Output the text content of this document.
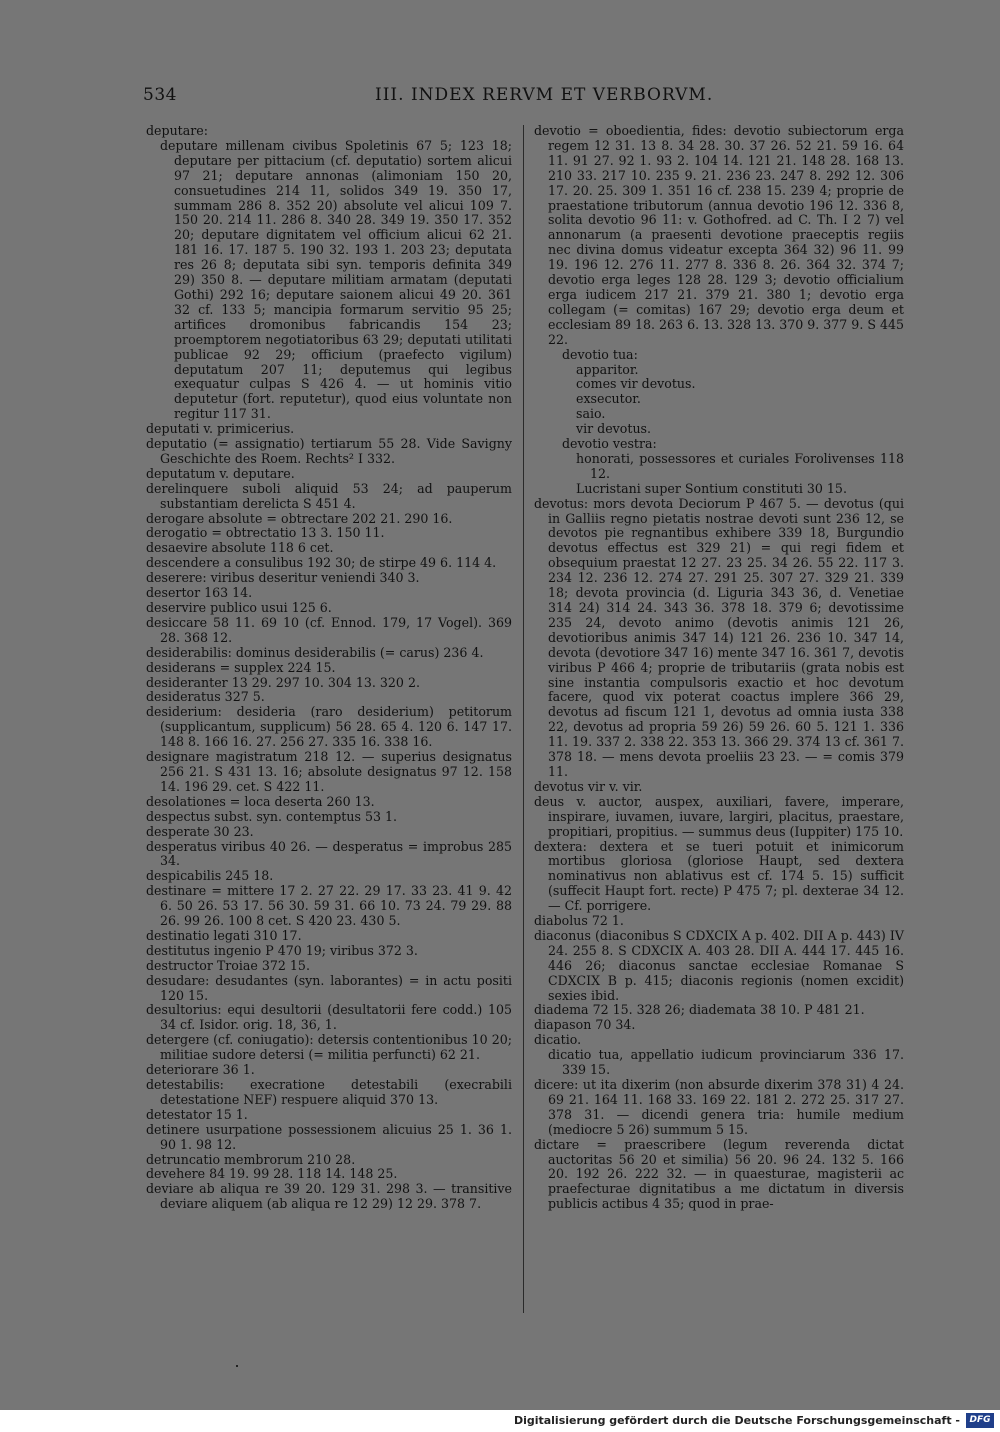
534	III. INDEX RERVM ET VERBORVM.

deputare:

deputare millenam civibus Spoletinis 67 5; 123 18; deputare per pittacium (cf. deputatio) sortem alicui 97 21; deputare annonas (alimoniam 150 20, consuetudines 214 11, solidos 349 19. 350 17, summam 286 8. 352 20) absolute vel alicui 109 7. 150 20. 214 11. 286 8. 340 28. 349 19. 350 17. 352 20; deputare dignitatem vel officium alicui 62 21. 181 16. 17. 187 5. 190 32. 193 1. 203 23; deputata res 26 8; deputata sibi syn. temporis definita 349 29) 350 8. — deputare militiam armatam (deputati Gothi) 292 16; deputare saionem alicui 49 20. 361 32 cf. 133 5; mancipia formarum servitio 95 25; artifices dromonibus fabricandis 154 23; proemptorem negotiatoribus 63 29; deputati utilitati publicae 92 29; officium (praefecto vigilum) deputatum 207 11; deputemus qui legibus exequatur culpas S 426 4. — ut hominis vitio deputetur (fort. reputetur), quod eius voluntate non regitur 117 31.

deputati v. primicerius.

deputatio (= assignatio) tertiarum 55 28. Vide Savigny Geschichte des Roem. Rechts² I 332.

deputatum v. deputare.

derelinquere suboli aliquid 53 24; ad pauperum substantiam derelicta S 451 4.

derogare absolute = obtrectare 202 21. 290 16.

derogatio = obtrectatio 13 3. 150 11.

desaevire absolute 118 6 cet.

descendere a consulibus 192 30; de stirpe 49 6. 114 4.

deserere: viribus deseritur veniendi 340 3.

desertor 163 14.

deservire publico usui 125 6.

desiccare 58 11. 69 10 (cf. Ennod. 179, 17 Vogel). 369 28. 368 12.

desiderabilis: dominus desiderabilis (= carus) 236 4.

desiderans = supplex 224 15.

desideranter 13 29. 297 10. 304 13. 320 2.

desideratus 327 5.

desiderium: desideria (raro desiderium) petitorum (supplicantum, supplicum) 56 28. 65 4. 120 6. 147 17. 148 8. 166 16. 27. 256 27. 335 16. 338 16.

designare magistratum 218 12. — superius designatus 256 21. S 431 13. 16; absolute designatus 97 12. 158 14. 196 29. cet. S 422 11.

desolationes = loca deserta 260 13.

despectus subst. syn. contemptus 53 1.

desperate 30 23.

desperatus viribus 40 26. — desperatus = improbus 285 34.

despicabilis 245 18.

destinare = mittere 17 2. 27 22. 29 17. 33 23. 41 9. 42 6. 50 26. 53 17. 56 30. 59 31. 66 10. 73 24. 79 29. 88 26. 99 26. 100 8 cet. S 420 23. 430 5.

destinatio legati 310 17.

destitutus ingenio P 470 19; viribus 372 3.

destructor Troiae 372 15.

desudare: desudantes (syn. laborantes) = in actu positi 120 15.

desultorius: equi desultorii (desultatorii fere codd.) 105 34 cf. Isidor. orig. 18, 36, 1.

detergere (cf. coniugatio): detersis contentionibus 10 20; militiae sudore detersi (= militia perfuncti) 62 21.

deteriorare 36 1.

detestabilis: execratione detestabili (execrabili detestatione NEF) respuere aliquid 370 13.

detestator 15 1.

detinere usurpatione possessionem alicuius 25 1. 36 1. 90 1. 98 12.

detruncatio membrorum 210 28.

devehere 84 19. 99 28. 118 14. 148 25.

deviare ab aliqua re 39 20. 129 31. 298 3. — transitive deviare aliquem (ab aliqua re 12 29) 12 29. 378 7.

devotio = oboedientia, fides: devotio subiectorum erga regem 12 31. 13 8. 34 28. 30. 37 26. 52 21. 59 16. 64 11. 91 27. 92 1. 93 2. 104 14. 121 21. 148 28. 168 13. 210 33. 217 10. 235 9. 21. 236 23. 247 8. 292 12. 306 17. 20. 25. 309 1. 351 16 cf. 238 15. 239 4; proprie de praestatione tributorum (annua devotio 196 12. 336 8, solita devotio 96 11: v. Gothofred. ad C. Th. I 2 7) vel annonarum (a praesenti devotione praeceptis regiis nec divina domus videatur excepta 364 32) 96 11. 99 19. 196 12. 276 11. 277 8. 336 8. 26. 364 32. 374 7; devotio erga leges 128 28. 129 3; devotio officialium erga iudicem 217 21. 379 21. 380 1; devotio erga collegam (= comitas) 167 29; devotio erga deum et ecclesiam 89 18. 263 6. 13. 328 13. 370 9. 377 9. S 445 22.

devotio tua:

apparitor.

comes vir devotus.

exsecutor.

saio.

vir devotus.

devotio vestra:

honorati, possessores et curiales Forolivenses 118 12.

Lucristani super Sontium constituti 30 15.

devotus: mors devota Deciorum P 467 5. — devotus (qui in Galliis regno pietatis nostrae devoti sunt 236 12, se devotos pie regnantibus exhibere 339 18, Burgundio devotus effectus est 329 21) = qui regi fidem et obsequium praestat 12 27. 23 25. 34 26. 55 22. 117 3. 234 12. 236 12. 274 27. 291 25. 307 27. 329 21. 339 18; devota provincia (d. Liguria 343 36, d. Venetiae 314 24) 314 24. 343 36. 378 18. 379 6; devotissime 235 24, devoto animo (devotis animis 121 26, devotioribus animis 347 14) 121 26. 236 10. 347 14, devota (devotiore 347 16) mente 347 16. 361 7, devotis viribus P 466 4; proprie de tributariis (grata nobis est sine instantia compulsoris exactio et hoc devotum facere, quod vix poterat coactus implere 366 29, devotus ad fiscum 121 1, devotus ad omnia iusta 338 22, devotus ad propria 59 26) 59 26. 60 5. 121 1. 336 11. 19. 337 2. 338 22. 353 13. 366 29. 374 13 cf. 361 7. 378 18. — mens devota proeliis 23 23. — = comis 379 11.

devotus vir v. vir.

deus v. auctor, auspex, auxiliari, favere, imperare, inspirare, iuvamen, iuvare, largiri, placitus, praestare, propitiari, propitius. — summus deus (Iuppiter) 175 10.

dextera: dextera et se tueri potuit et inimicorum mortibus gloriosa (gloriose Haupt, sed dextera nominativus non ablativus est cf. 174 5. 15) sufficit (suffecit Haupt fort. recte) P 475 7; pl. dexterae 34 12. — Cf. porrigere.

diabolus 72 1.

diaconus (diaconibus S CDXCIX A p. 402. DII A p. 443) IV 24. 255 8. S CDXCIX A. 403 28. DII A. 444 17. 445 16. 446 26; diaconus sanctae ecclesiae Romanae S CDXCIX B p. 415; diaconis regionis (nomen excidit) sexies ibid.

diadema 72 15. 328 26; diademata 38 10. P 481 21.

diapason 70 34.

dicatio.

dicatio tua, appellatio iudicum provinciarum 336 17. 339 15.

dicere: ut ita dixerim (non absurde dixerim 378 31) 4 24. 69 21. 164 11. 168 33. 169 22. 181 2. 272 25. 317 27. 378 31. — dicendi genera tria: humile medium (mediocre 5 26) summum 5 15.

dictare = praescribere (legum reverenda dictat auctoritas 56 20 et similia) 56 20. 96 24. 132 5. 166 20. 192 26. 222 32. — in quaesturae, magisterii ac praefecturae dignitatibus a me dictatum in diversis publicis actibus 4 35; quod in prae-

Digitalisierung gefördert durch die Deutsche Forschungsgemeinschaft -	DFG
